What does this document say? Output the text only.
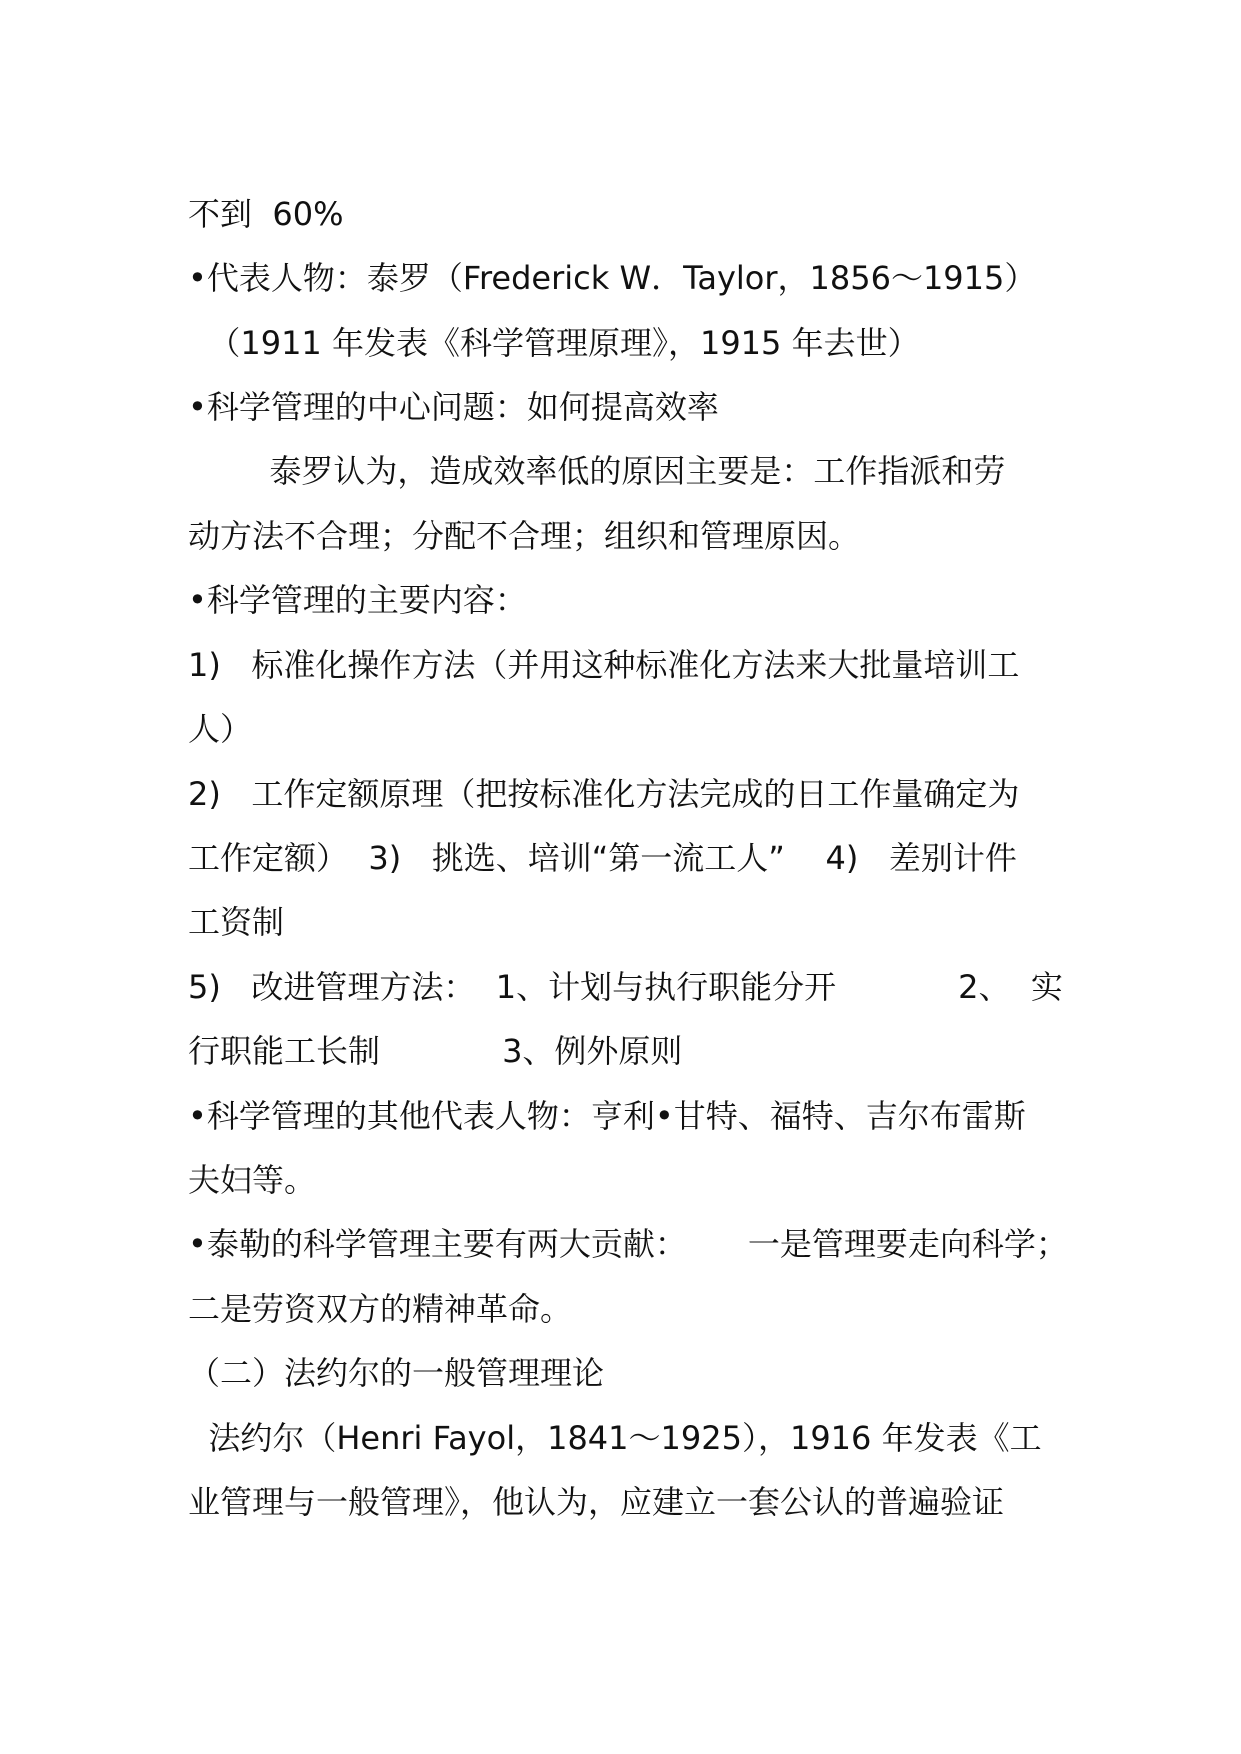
不到  60%
•代表人物：泰罗（Frederick W．Taylor，1856～1915）
（1911 年发表《科学管理原理》，1915 年去世）
•科学管理的中心问题：如何提高效率
泰罗认为，造成效率低的原因主要是：工作指派和劳
动方法不合理；分配不合理；组织和管理原因。
•科学管理的主要内容：
1)   标准化操作方法（并用这种标准化方法来大批量培训工
人）
2)   工作定额原理（把按标准化方法完成的日工作量确定为
工作定额）  3)   挑选、培训“第一流工人”    4)   差别计件
工资制
5)   改进管理方法：  1、计划与执行职能分开            2、  实
行职能工长制            3、例外原则
•科学管理的其他代表人物：亨利•甘特、福特、吉尔布雷斯
夫妇等。
•泰勒的科学管理主要有两大贡献：      一是管理要走向科学；
二是劳资双方的精神革命。
（二）法约尔的一般管理理论
法约尔（Henri Fayol，1841～1925），1916 年发表《工
业管理与一般管理》，他认为，应建立一套公认的普遍验证
